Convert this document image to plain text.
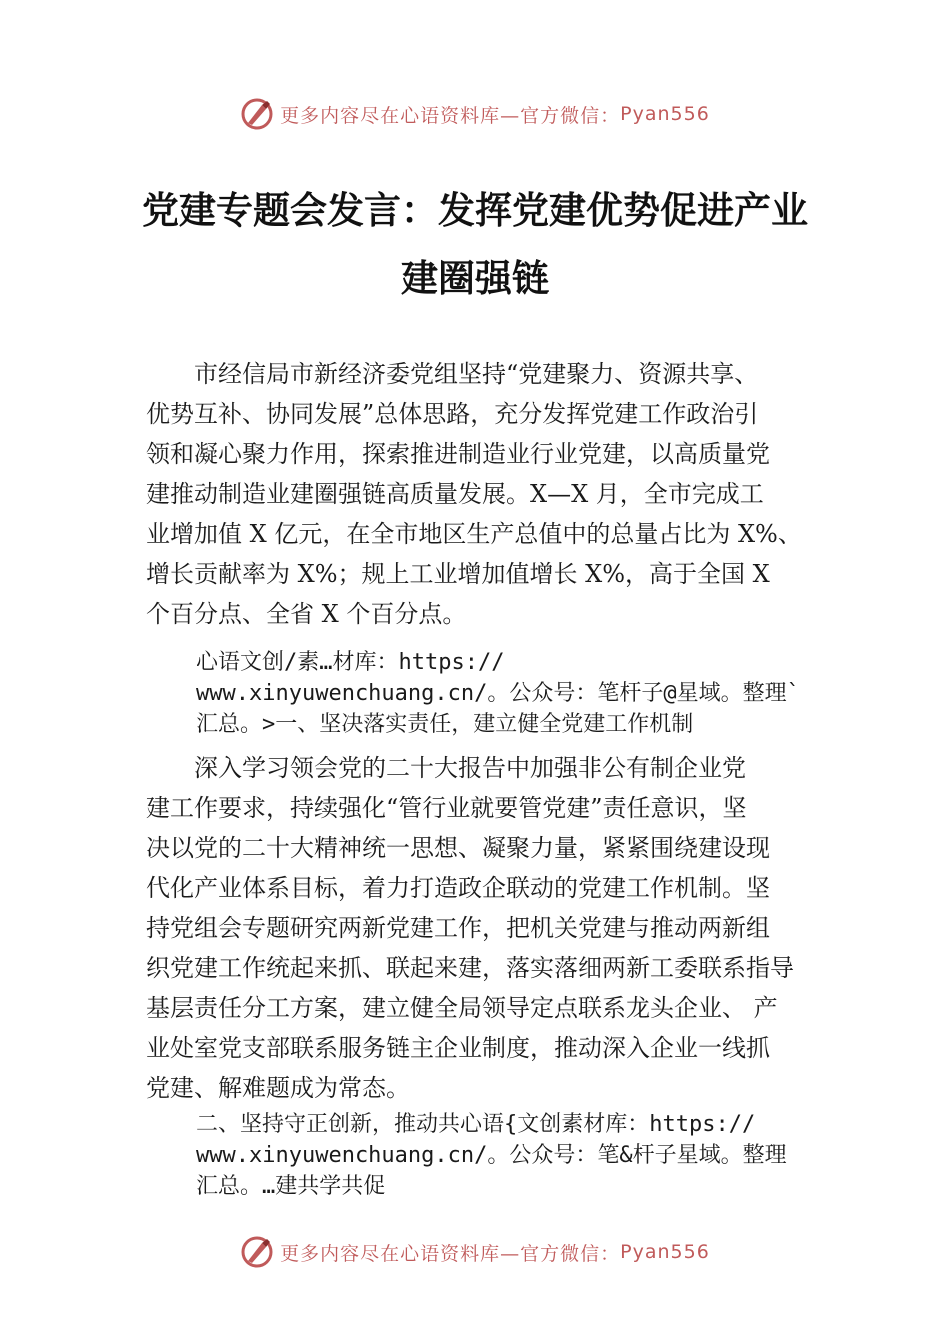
更多内容尽在心语资料库—官方微信： Pyan556
党建专题会发言：发挥党建优势促进产业
建圈强链
　　市经信局市新经济委党组坚持“党建聚力、资源共享、
优势互补、协同发展”总体思路，充分发挥党建工作政治引
领和凝心聚力作用，探索推进制造业行业党建，以高质量党
建推动制造业建圈强链高质量发展。X—X 月，全市完成工
业增加值 X 亿元，在全市地区生产总值中的总量占比为 X%、
增长贡献率为 X%；规上工业增加值增长 X%，高于全国 X
个百分点、全省 X 个百分点。
心语文创/素…材库：https://
www.xinyuwenchuang.cn/。公众号：笔杆子@星域。整理`
汇总。>一、坚决落实责任，建立健全党建工作机制
　　深入学习领会党的二十大报告中加强非公有制企业党
建工作要求，持续强化“管行业就要管党建”责任意识，坚
决以党的二十大精神统一思想、凝聚力量，紧紧围绕建设现
代化产业体系目标，着力打造政企联动的党建工作机制。坚
持党组会专题研究两新党建工作，把机关党建与推动两新组
织党建工作统起来抓、联起来建，落实落细两新工委联系指导
基层责任分工方案，建立健全局领导定点联系龙头企业、 产
业处室党支部联系服务链主企业制度，推动深入企业一线抓
党建、解难题成为常态。
二、坚持守正创新，推动共心语{文创素材库：https://
www.xinyuwenchuang.cn/。公众号：笔&杆子星域。整理
汇总。…建共学共促
更多内容尽在心语资料库—官方微信： Pyan556
